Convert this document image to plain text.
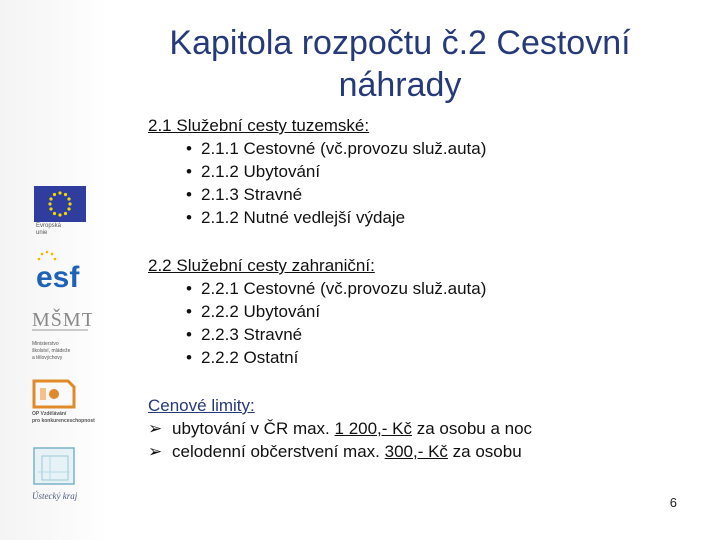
Evropská
unie
esf
MŠMT
Ministerstvo
školství, mládeže
a tělovýchovy
OP Vzdělávání
pro konkurenceschopnost
Ústecký kraj
Kapitola rozpočtu č.2 Cestovní náhrady
2.1 Služební cesty tuzemské:
• 2.1.1 Cestovné (vč.provozu služ.auta)
• 2.1.2 Ubytování
• 2.1.3 Stravné
• 2.1.2 Nutné vedlejší výdaje
2.2 Služební cesty zahraniční:
• 2.2.1 Cestovné (vč.provozu služ.auta)
• 2.2.2 Ubytování
• 2.2.3 Stravné
• 2.2.2 Ostatní
Cenové limity:
➢ ubytování v ČR max. 1 200,- Kč za osobu a noc
➢ celodenní občerstvení max. 300,- Kč za osobu
6
